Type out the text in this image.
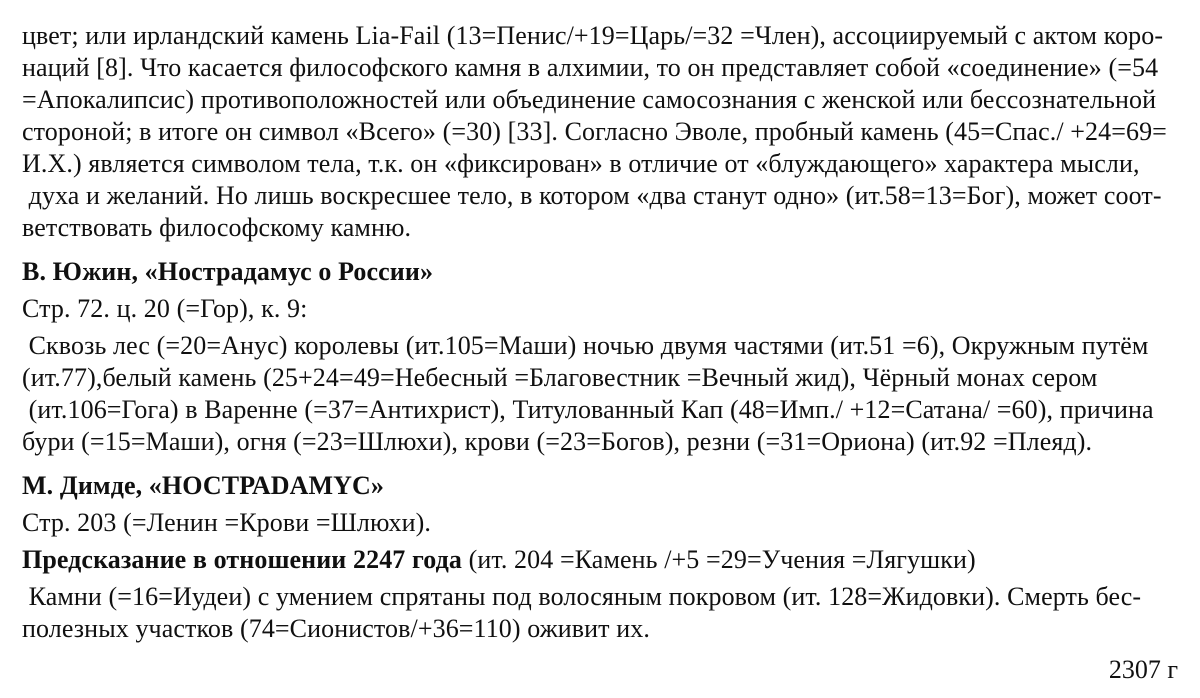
цвет; или ирландский камень Lia-Fail (13=Пенис/+19=Царь/=32 =Член), ассоциируемый с актом коро-
наций [8]. Что касается философского камня в алхимии, то он представляет собой «соединение» (=54
=Апокалипсис) противоположностей или объединение самосознания с женской или бессознательной
стороной; в итоге он символ «Всего» (=30) [33]. Согласно Эволе, пробный камень (45=Спас./ +24=69=
И.Х.) является символом тела, т.к. он «фиксирован» в отличие от «блуждающего» характера мысли,
духа и желаний. Но лишь воскресшее тело, в котором «два станут одно» (ит.58=13=Бог), может соот-
ветствовать философскому камню.
В. Южин, «Нострадамус о России»
Стр. 72. ц. 20 (=Гор), к. 9:
Сквозь лес (=20=Анус) королевы (ит.105=Маши) ночью двумя частями (ит.51 =6), Окружным путём
(ит.77),белый камень (25+24=49=Небесный =Благовестник =Вечный жид), Чёрный монах сером
(ит.106=Гога) в Варенне (=37=Антихрист), Титулованный Кап (48=Имп./ +12=Сатана/ =60), причина
бури (=15=Маши), огня (=23=Шлюхи), крови (=23=Богов), резни (=31=Ориона) (ит.92 =Плеяд).
М. Димде, «НОСТРАDАМYС»
Стр. 203 (=Ленин =Крови =Шлюхи).
Предсказание в отношении 2247 года (ит. 204 =Камень /+5 =29=Учения =Лягушки)
Камни (=16=Иудеи) с умением спрятаны под волосяным покровом (ит. 128=Жидовки). Смерть бес-
полезных участков (74=Сионистов/+36=110) оживит их.
2307 г
